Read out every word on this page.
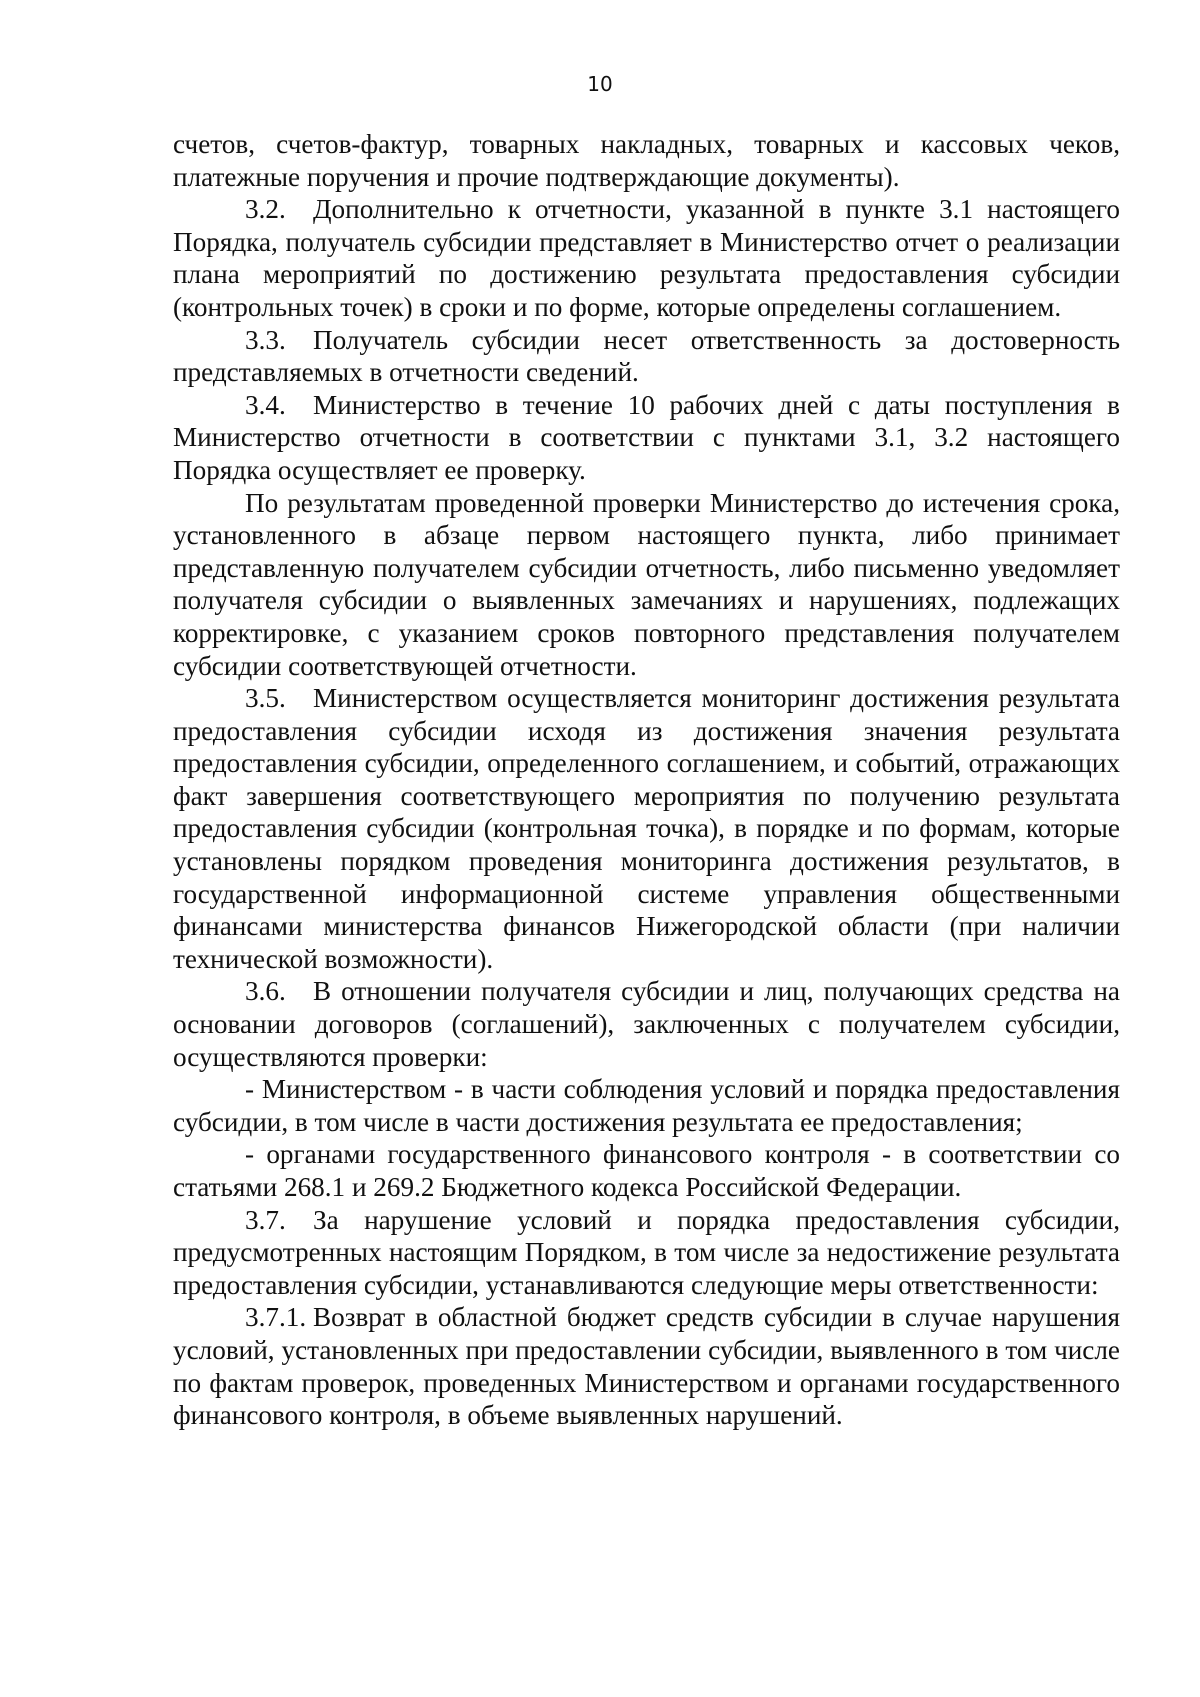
10

счетов, счетов-фактур, товарных накладных, товарных и кассовых чеков, платежные поручения и прочие подтверждающие документы).

3.2. Дополнительно к отчетности, указанной в пункте 3.1 настоящего Порядка, получатель субсидии представляет в Министерство отчет о реализации плана мероприятий по достижению результата предоставления субсидии (контрольных точек) в сроки и по форме, которые определены соглашением.

3.3. Получатель субсидии несет ответственность за достоверность представляемых в отчетности сведений.

3.4. Министерство в течение 10 рабочих дней с даты поступления в Министерство отчетности в соответствии с пунктами 3.1, 3.2 настоящего Порядка осуществляет ее проверку.

По результатам проведенной проверки Министерство до истечения срока, установленного в абзаце первом настоящего пункта, либо принимает представленную получателем субсидии отчетность, либо письменно уведомляет получателя субсидии о выявленных замечаниях и нарушениях, подлежащих корректировке, с указанием сроков повторного представления получателем субсидии соответствующей отчетности.

3.5. Министерством осуществляется мониторинг достижения результата предоставления субсидии исходя из достижения значения результата предоставления субсидии, определенного соглашением, и событий, отражающих факт завершения соответствующего мероприятия по получению результата предоставления субсидии (контрольная точка), в порядке и по формам, которые установлены порядком проведения мониторинга достижения результатов, в государственной информационной системе управления общественными финансами министерства финансов Нижегородской области (при наличии технической возможности).

3.6. В отношении получателя субсидии и лиц, получающих средства на основании договоров (соглашений), заключенных с получателем субсидии, осуществляются проверки:

- Министерством - в части соблюдения условий и порядка предоставления субсидии, в том числе в части достижения результата ее предоставления;

- органами государственного финансового контроля - в соответствии со статьями 268.1 и 269.2 Бюджетного кодекса Российской Федерации.

3.7. За нарушение условий и порядка предоставления субсидии, предусмотренных настоящим Порядком, в том числе за недостижение результата предоставления субсидии, устанавливаются следующие меры ответственности:

3.7.1. Возврат в областной бюджет средств субсидии в случае нарушения условий, установленных при предоставлении субсидии, выявленного в том числе по фактам проверок, проведенных Министерством и органами государственного финансового контроля, в объеме выявленных нарушений.
